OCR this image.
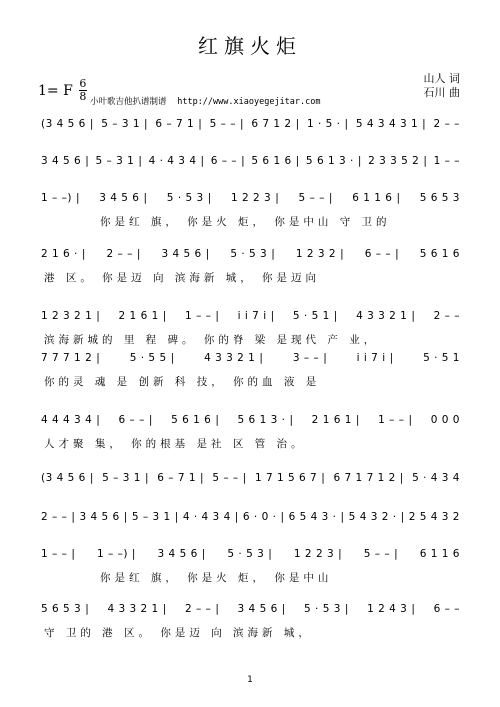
红旗火炬
1= F 6
8 小叶歌吉他扒谱制谱 http://www.xiaoyegejitar.com
山人 词
石川 曲
(3 4 5 6 |	5 – 3 1 |	6 – 7 1 |	5 – – |	6 7 1 2 |	1 · 5 · |	5 4 3 4 3 1 |	2 – –
3 4 5 6 |	5 – 3 1 |	4 · 4 3 4 |	6 – – |	5 6 1 6 |	5 6 1 3 · |	2 3 3 5 2 |	1 – –
1 – –) |	3 4 5 6 |	5 · 5 3 |	1 2 2 3 |	5 – – |	6 1 1 6 |	5 6 5 3
你是红 旗， 你是火 炬， 你是中山 守 卫的
2 1 6 · |	2 – – |	3 4 5 6 |	5 · 5 3 |	1 2 3 2 |	6 – – |	5 6 1 6
港 区。 你是迈 向 滨海新 城， 你是迈向
1 2 3 2 1 |	2 1 6 1 |	1 – – |	i i 7 i |	5 · 5 1 |	4 3 3 2 1 |	2 – –
滨海新城的 里 程 碑。 你的脊 梁 是现代 产 业，
7 7 7 1 2 |	5 · 5 5 |	4 3 3 2 1 |	3 – – |	i i 7 i |	5 · 5 1
你的灵 魂 是 创新 科 技， 你的血 液 是
4 4 4 3 4 |	6 – – |	5 6 1 6 |	5 6 1 3 · |	2 1 6 1 |	1 – – |	0 0 0
人才聚 集， 你的根基 是社 区 管 治。
(3 4 5 6 |	5 – 3 1 |	6 – 7 1 |	5 – – |	1 7 1 5 6 7 |	6 7 1 7 1 2 |	5 · 4 3 4
2 – – |	3 4 5 6 |	5 – 3 1 |	4 · 4 3 4 |	6 · 0 · |	6 5 4 3 · |	5 4 3 2 · |	2 5 4 3 2
1 – – |	1 – –) |	3 4 5 6 |	5 · 5 3 |	1 2 2 3 |	5 – – |	6 1 1 6
你是红 旗， 你是火 炬， 你是中山
5 6 5 3 |	4 3 3 2 1 |	2 – – |	3 4 5 6 |	5 · 5 3 |	1 2 4 3 |	6 – –
守 卫的 港 区。 你是迈 向 滨海新 城，
1
